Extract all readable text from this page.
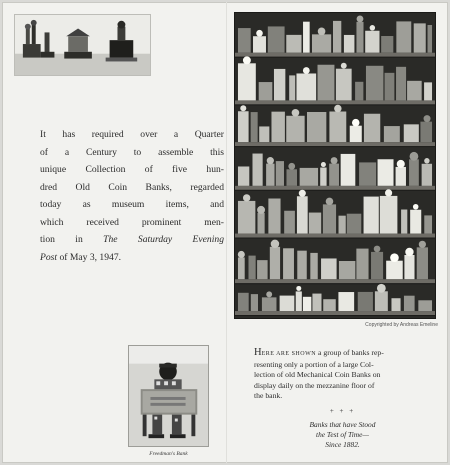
It has required over a Quarter
of a Century to assemble this
unique Collection of five hun-
dred Old Coin Banks, regarded
today as museum items, and
which received prominent men-
tion in The Saturday Evening
Post of May 3, 1947.
Copyrighted by Andreas Emeline
Freedman's Bank
HERE ARE SHOWN a group of banks rep-
resenting only a portion of a large Col-
lection of old Mechanical Coin Banks on
display daily on the mezzanine floor of
the bank.
+ + +
Banks that have Stood
the Test of Time—
Since 1882.
